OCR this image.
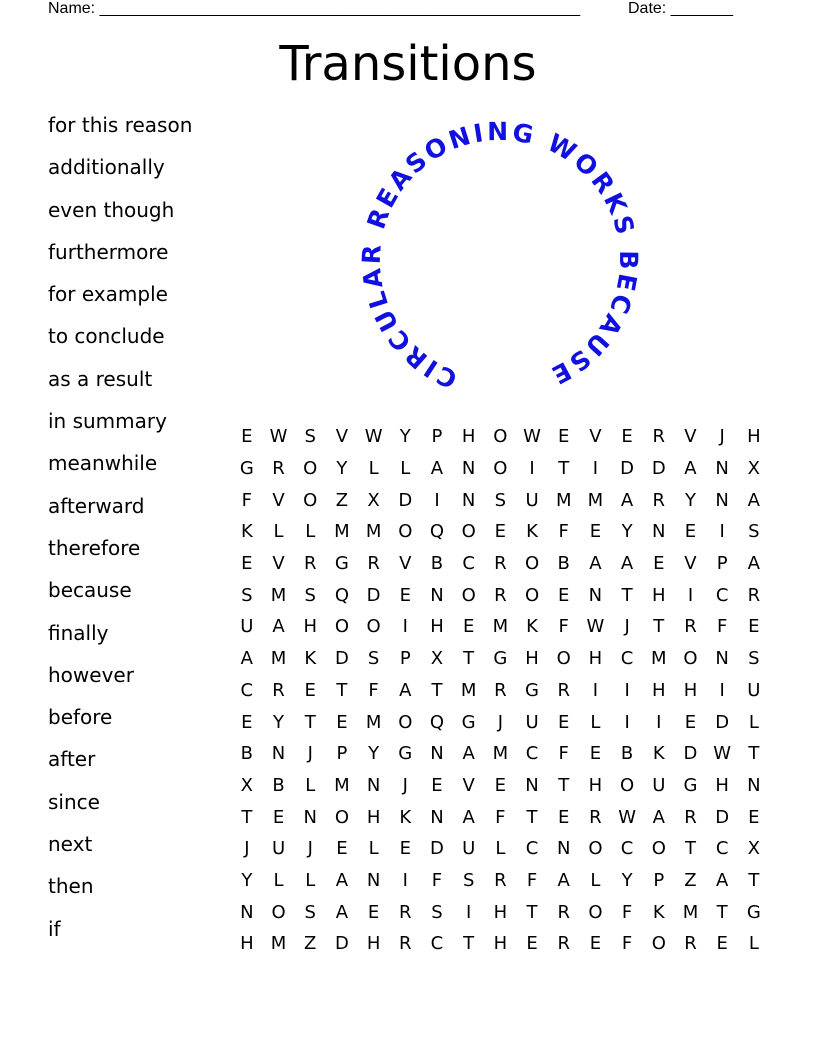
Name: ______________________________________________________	Date: _______
Transitions
for this reason
additionally
even though
furthermore
for example
to conclude
as a result
in summary
meanwhile
afterward
therefore
because
finally
however
before
after
since
next
then
if
CIRCULAR REASONING WORKS BECAUSE
E	W	S	V	W	Y	P	H	O	W	E	V	E	R	V	J	H
G	R	O	Y	L	L	A	N	O	I	T	I	D	D	A	N	X
F	V	O	Z	X	D	I	N	S	U	M	M	A	R	Y	N	A
K	L	L	M	M	O	Q	O	E	K	F	E	Y	N	E	I	S
E	V	R	G	R	V	B	C	R	O	B	A	A	E	V	P	A
S	M	S	Q	D	E	N	O	R	O	E	N	T	H	I	C	R
U	A	H	O	O	I	H	E	M	K	F	W	J	T	R	F	E
A	M	K	D	S	P	X	T	G	H	O	H	C	M	O	N	S
C	R	E	T	F	A	T	M	R	G	R	I	I	H	H	I	U
E	Y	T	E	M	O	Q	G	J	U	E	L	I	I	E	D	L
B	N	J	P	Y	G	N	A	M	C	F	E	B	K	D	W	T
X	B	L	M	N	J	E	V	E	N	T	H	O	U	G	H	N
T	E	N	O	H	K	N	A	F	T	E	R	W	A	R	D	E
J	U	J	E	L	E	D	U	L	C	N	O	C	O	T	C	X
Y	L	L	A	N	I	F	S	R	F	A	L	Y	P	Z	A	T
N	O	S	A	E	R	S	I	H	T	R	O	F	K	M	T	G
H	M	Z	D	H	R	C	T	H	E	R	E	F	O	R	E	L
